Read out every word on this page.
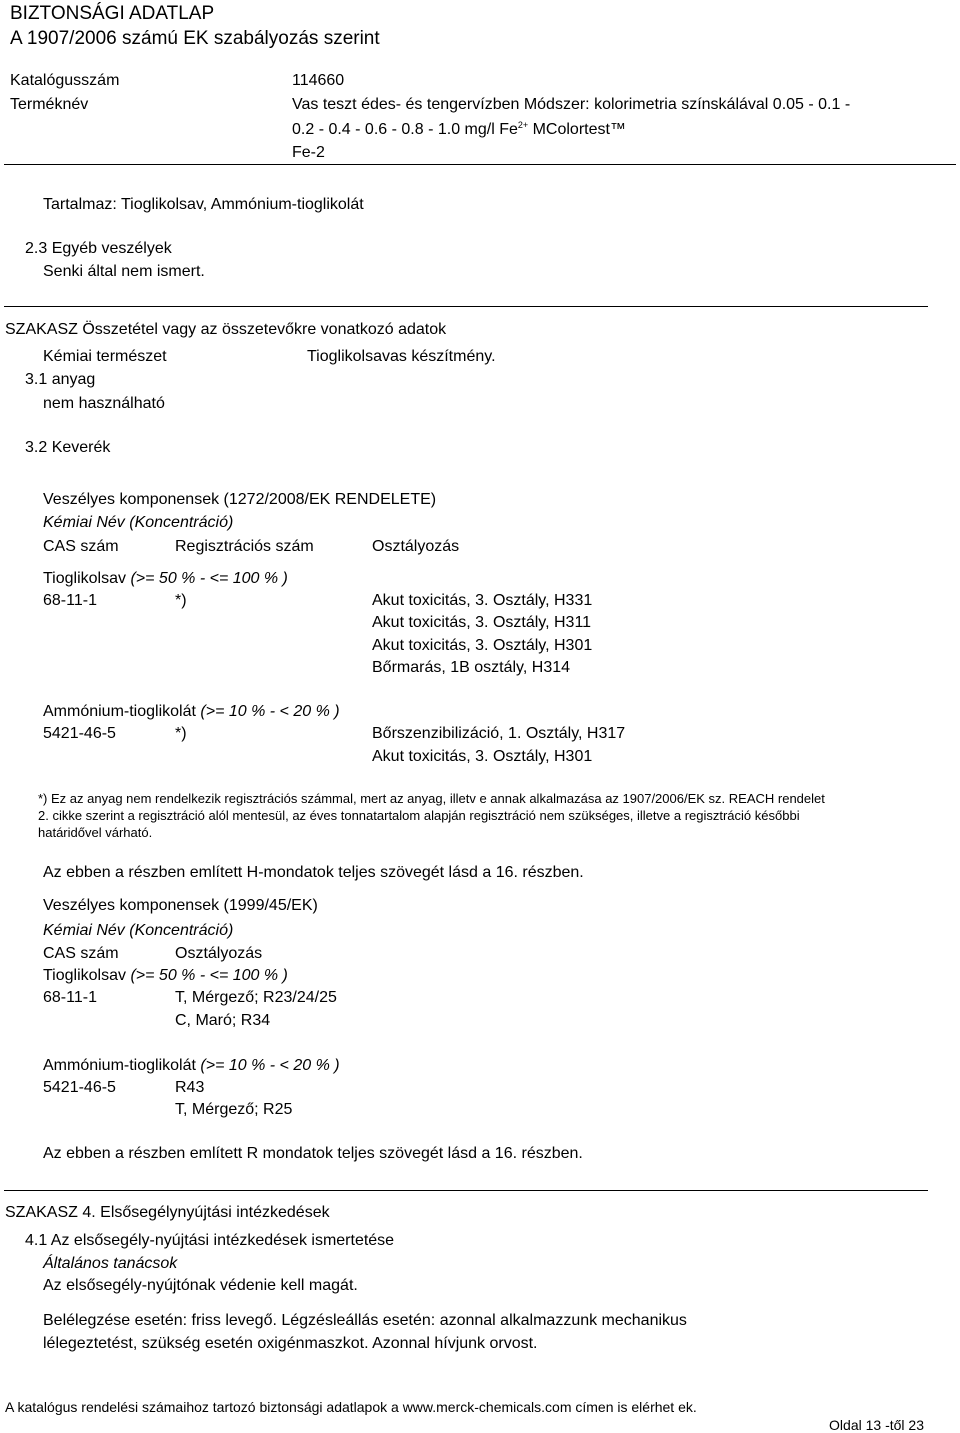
BIZTONSÁGI ADATLAP
A 1907/2006 számú EK szabályozás szerint
Katalógusszám	114660
Terméknév	Vas teszt édes- és tengervízben Módszer: kolorimetria színskálával 0.05 - 0.1 -
0.2 - 0.4 - 0.6 - 0.8 - 1.0 mg/l $Fe^{2+}$ MColortest™
Fe-2
Tartalmaz: Tioglikolsav, Ammónium-tioglikolát
2.3 Egyéb veszélyek
Senki által nem ismert.
SZAKASZ Összetétel vagy az összetevőkre vonatkozó adatok
Kémiai természet	Tioglikolsavas készítmény.
3.1 anyag
nem használható
3.2 Keverék
Veszélyes komponensek (1272/2008/EK RENDELETE)
Kémiai Név (Koncentráció)
CAS szám	Regisztrációs szám	Osztályozás
Tioglikolsav (>= 50 % - <= 100 % )
68-11-1	*)	Akut toxicitás, 3. Osztály, H331
Akut toxicitás, 3. Osztály, H311
Akut toxicitás, 3. Osztály, H301
Bőrmarás, 1B osztály, H314
Ammónium-tioglikolát (>= 10 % - < 20 % )
5421-46-5	*)	Bőrszenzibilizáció, 1. Osztály, H317
Akut toxicitás, 3. Osztály, H301
*) Ez az anyag nem rendelkezik regisztrációs számmal, mert az anyag, illetv e annak alkalmazása az 1907/2006/EK sz. REACH rendelet
2. cikke szerint a regisztráció alól mentesül, az éves tonnatartalom alapján regisztráció nem szükséges, illetve a regisztráció későbbi
határidővel várható.
Az ebben a részben említett H-mondatok teljes szövegét lásd a 16. részben.
Veszélyes komponensek (1999/45/EK)
Kémiai Név (Koncentráció)
CAS szám	Osztályozás
Tioglikolsav (>= 50 % - <= 100 % )
68-11-1	T, Mérgező; R23/24/25
C, Maró; R34
Ammónium-tioglikolát (>= 10 % - < 20 % )
5421-46-5	R43
T, Mérgező; R25
Az ebben a részben említett R mondatok teljes szövegét lásd a 16. részben.
SZAKASZ 4. Elsősegélynyújtási intézkedések
4.1 Az elsősegély-nyújtási intézkedések ismertetése
Általános tanácsok
Az elsősegély-nyújtónak védenie kell magát.
Belélegzése esetén: friss levegő. Légzésleállás esetén: azonnal alkalmazzunk mechanikus
lélegeztetést, szükség esetén oxigénmaszkot. Azonnal hívjunk orvost.
A katalógus rendelési számaihoz tartozó biztonsági adatlapok a www.merck-chemicals.com címen is elérhet ek.
Oldal 13 -től 23
